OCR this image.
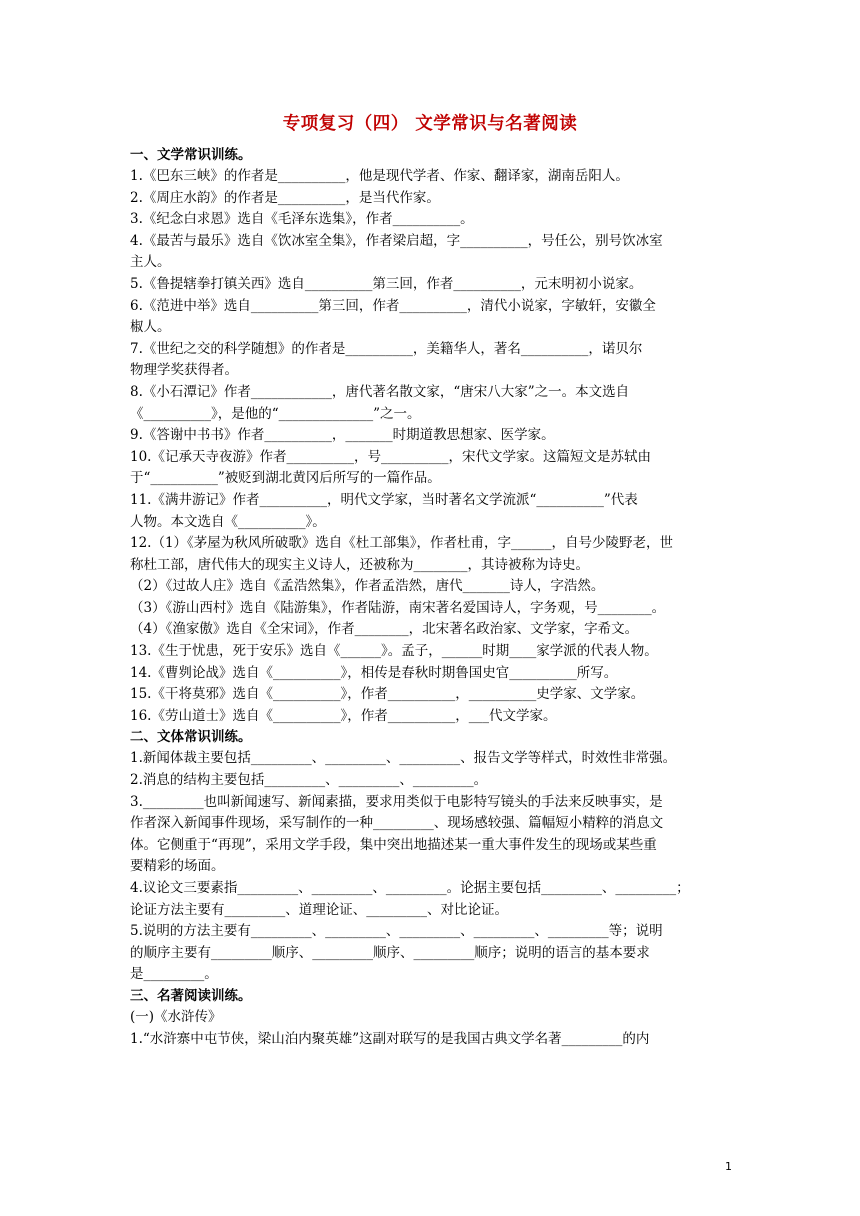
专项复习（四） 文学常识与名著阅读
一、文学常识训练。
1.《巴东三峡》的作者是__________，他是现代学者、作家、翻译家，湖南岳阳人。
2.《周庄水韵》的作者是__________，是当代作家。
3.《纪念白求恩》选自《毛泽东选集》，作者__________。
4.《最苦与最乐》选自《饮冰室全集》，作者梁启超，字__________，号任公，别号饮冰室
主人。
5.《鲁提辖拳打镇关西》选自__________第三回，作者__________，元末明初小说家。
6.《范进中举》选自__________第三回，作者__________，清代小说家，字敏轩，安徽全
椒人。
7.《世纪之交的科学随想》的作者是__________，美籍华人，著名__________，诺贝尔
物理学奖获得者。
8.《小石潭记》作者____________，唐代著名散文家，“唐宋八大家”之一。本文选自
《__________》，是他的“______________”之一。
9.《答谢中书书》作者__________，_______时期道教思想家、医学家。
10.《记承天寺夜游》作者__________，号__________，宋代文学家。这篇短文是苏轼由
于“__________”被贬到湖北黄冈后所写的一篇作品。
11.《满井游记》作者__________，明代文学家，当时著名文学流派“__________”代表
人物。本文选自《__________》。
12.（1）《茅屋为秋风所破歌》选自《杜工部集》，作者杜甫，字______，自号少陵野老，世
称杜工部，唐代伟大的现实主义诗人，还被称为________，其诗被称为诗史。
（2）《过故人庄》选自《孟浩然集》，作者孟浩然，唐代_______诗人，字浩然。
（3）《游山西村》选自《陆游集》，作者陆游，南宋著名爱国诗人，字务观，号________。
（4）《渔家傲》选自《全宋词》，作者________，北宋著名政治家、文学家，字希文。
13.《生于忧患，死于安乐》选自《______》。孟子，______时期____家学派的代表人物。
14.《曹刿论战》选自《__________》，相传是春秋时期鲁国史官__________所写。
15.《干将莫邪》选自《__________》，作者__________，__________史学家、文学家。
16.《劳山道士》选自《__________》，作者__________，___代文学家。
二、文体常识训练。
1.新闻体裁主要包括_________、_________、_________、报告文学等样式，时效性非常强。
2.消息的结构主要包括_________、_________、_________。
3._________也叫新闻速写、新闻素描，要求用类似于电影特写镜头的手法来反映事实，是
作者深入新闻事件现场，采写制作的一种_________、现场感较强、篇幅短小精粹的消息文
体。它侧重于“再现”，采用文学手段，集中突出地描述某一重大事件发生的现场或某些重
要精彩的场面。
4.议论文三要素指_________、_________、_________。论据主要包括_________、_________；
论证方法主要有_________、道理论证、_________、对比论证。
5.说明的方法主要有_________、_________、_________、_________、_________等；说明
的顺序主要有_________顺序、_________顺序、_________顺序；说明的语言的基本要求
是_________。
三、名著阅读训练。
(一)《水浒传》
1.“水浒寨中屯节侠，梁山泊内聚英雄”这副对联写的是我国古典文学名著_________的内
1
